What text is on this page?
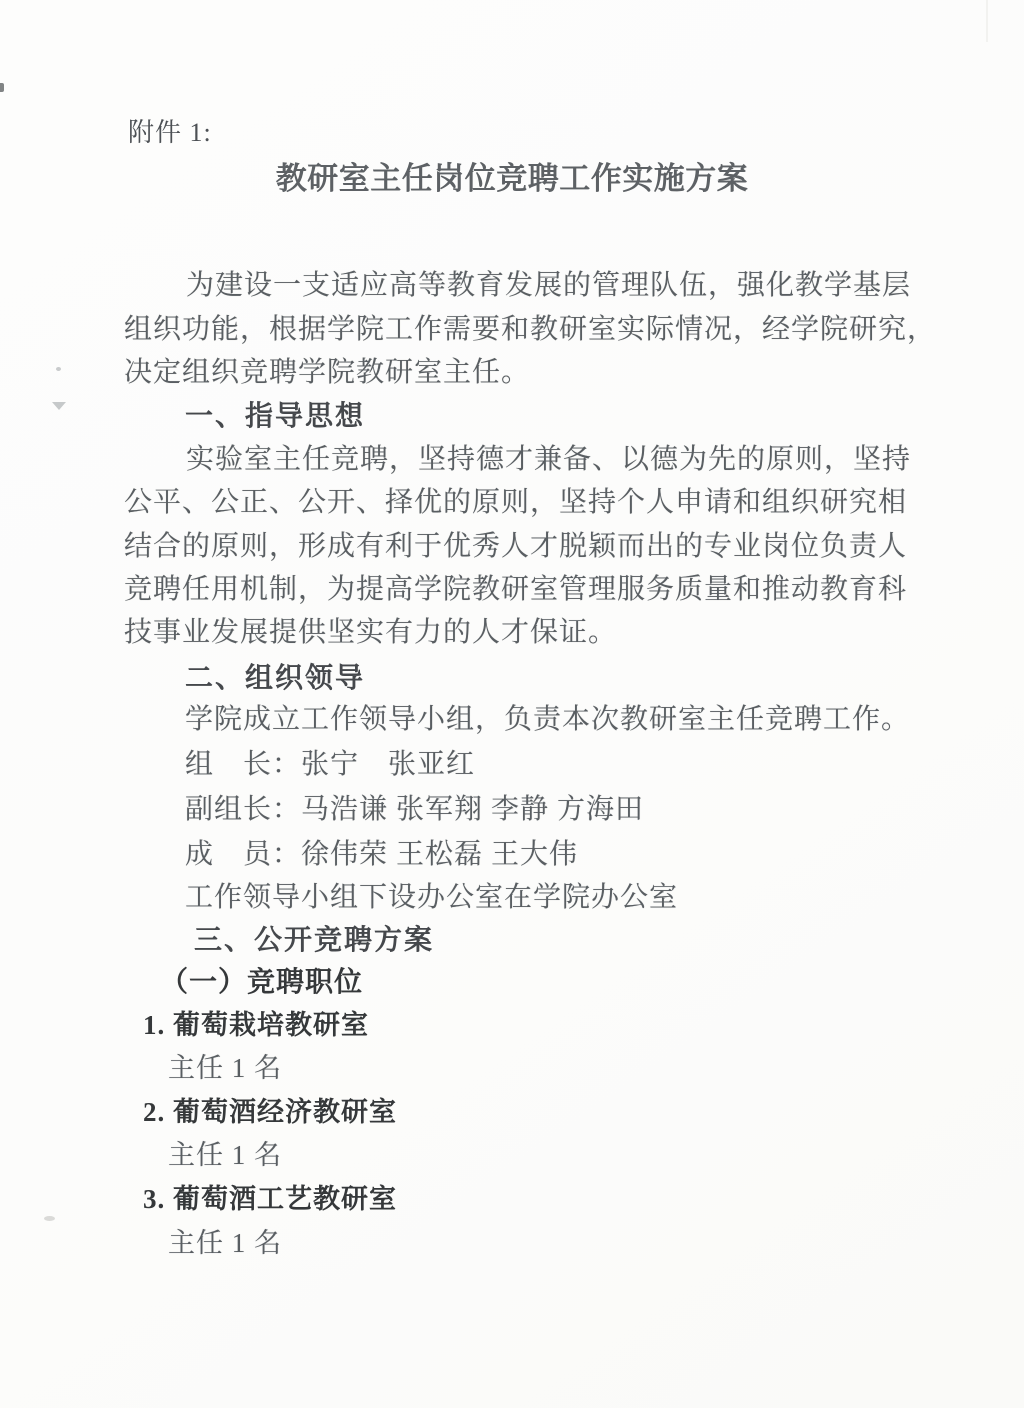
附件 1:
教研室主任岗位竞聘工作实施方案
为建设一支适应高等教育发展的管理队伍，强化教学基层
组织功能，根据学院工作需要和教研室实际情况，经学院研究，
决定组织竞聘学院教研室主任。
一、指导思想
实验室主任竞聘，坚持德才兼备、以德为先的原则，坚持
公平、公正、公开、择优的原则，坚持个人申请和组织研究相
结合的原则，形成有利于优秀人才脱颖而出的专业岗位负责人
竞聘任用机制，为提高学院教研室管理服务质量和推动教育科
技事业发展提供坚实有力的人才保证。
二、组织领导
学院成立工作领导小组，负责本次教研室主任竞聘工作。
组　长：张宁　张亚红
副组长：马浩谦 张军翔 李静 方海田
成　员：徐伟荣 王松磊 王大伟
工作领导小组下设办公室在学院办公室
三、公开竞聘方案
（一）竞聘职位
1. 葡萄栽培教研室
主任 1 名
2. 葡萄酒经济教研室
主任 1 名
3. 葡萄酒工艺教研室
主任 1 名
